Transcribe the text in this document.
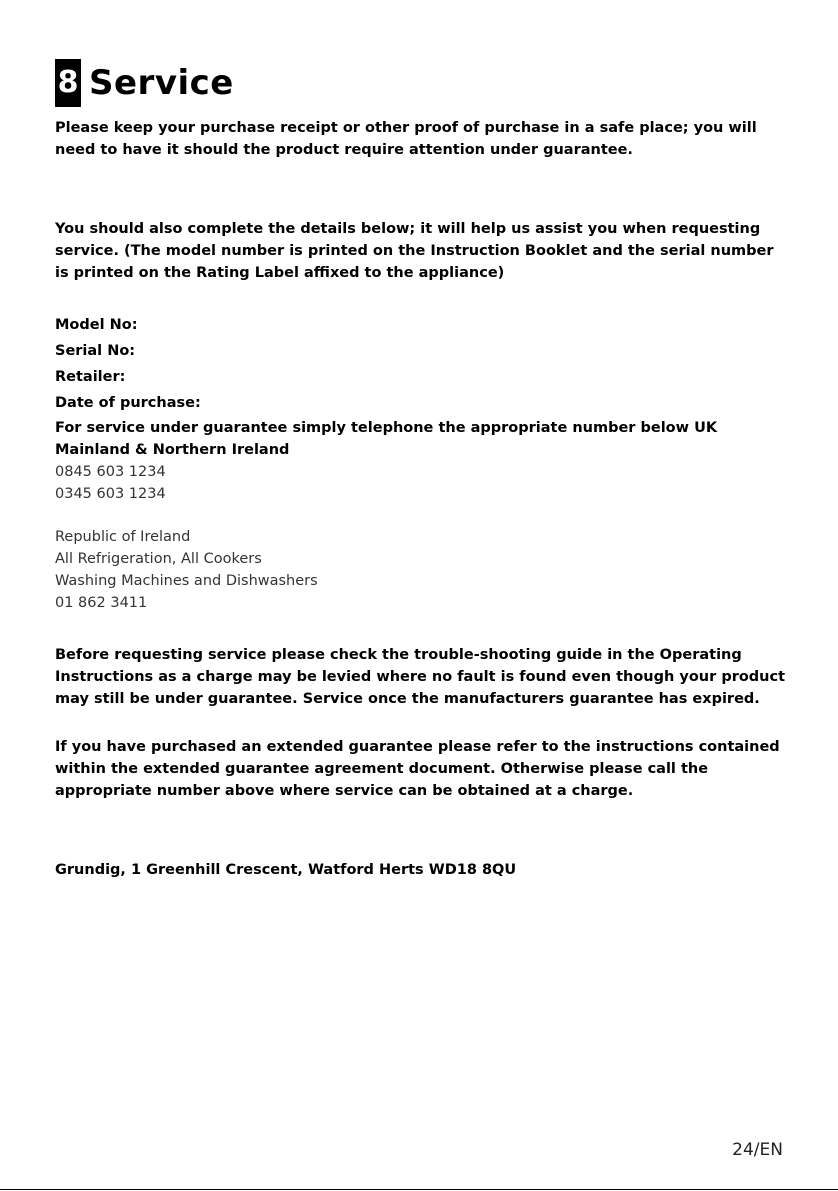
8 Service
Please keep your purchase receipt or other proof of purchase in a safe place; you will
need to have it should the product require attention under guarantee.
You should also complete the details below; it will help us assist you when requesting
service. (The model number is printed on the Instruction Booklet and the serial number
is printed on the Rating Label affixed to the appliance)
Model No:
Serial No:
Retailer:
Date of purchase:
For service under guarantee simply telephone the appropriate number below UK
Mainland & Northern Ireland
0845 603 1234
0345 603 1234
Republic of Ireland
All Refrigeration, All Cookers
Washing Machines and Dishwashers
01 862 3411
Before requesting service please check the trouble-shooting guide in the Operating
Instructions as a charge may be levied where no fault is found even though your product
may still be under guarantee. Service once the manufacturers guarantee has expired.
If you have purchased an extended guarantee please refer to the instructions contained
within the extended guarantee agreement document. Otherwise please call the
appropriate number above where service can be obtained at a charge.
Grundig, 1 Greenhill Crescent, Watford Herts WD18 8QU
24/EN
